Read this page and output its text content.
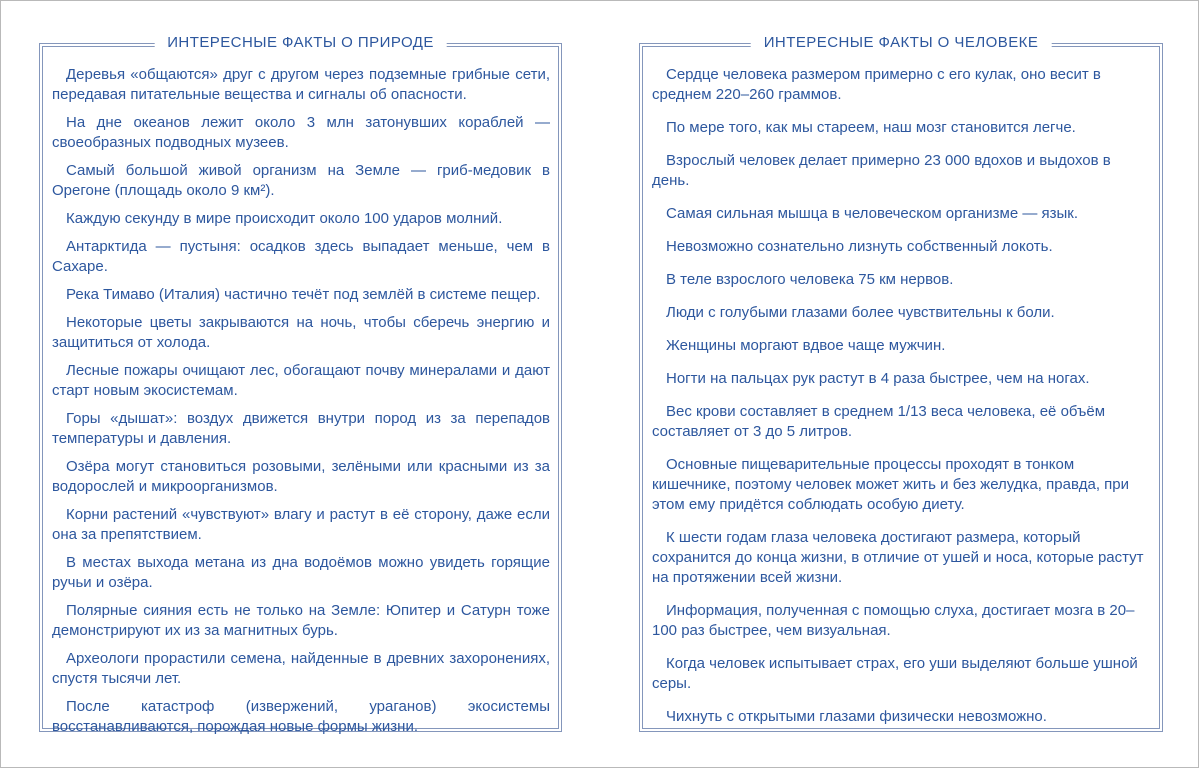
ИНТЕРЕСНЫЕ ФАКТЫ О ПРИРОДЕ

Деревья «общаются» друг с другом через подземные грибные сети, передавая питательные вещества и сигналы об опасности.

На дне океанов лежит около 3 млн затонувших кораблей — своеобразных подводных музеев.

Самый большой живой организм на Земле — гриб-медовик в Орегоне (площадь около 9 км²).

Каждую секунду в мире происходит около 100 ударов молний.

Антарктида — пустыня: осадков здесь выпадает меньше, чем в Сахаре.

Река Тимаво (Италия) частично течёт под землёй в системе пещер.

Некоторые цветы закрываются на ночь, чтобы сберечь энергию и защититься от холода.

Лесные пожары очищают лес, обогащают почву минералами и дают старт новым экосистемам.

Горы «дышат»: воздух движется внутри пород из за перепадов температуры и давления.

Озёра могут становиться розовыми, зелёными или красными из за водорослей и микроорганизмов.

Корни растений «чувствуют» влагу и растут в её сторону, даже если она за препятствием.

В местах выхода метана из дна водоёмов можно увидеть горящие ручьи и озёра.

Полярные сияния есть не только на Земле: Юпитер и Сатурн тоже демонстрируют их из за магнитных бурь.

Археологи прорастили семена, найденные в древних захоронениях, спустя тысячи лет.

После катастроф (извержений, ураганов) экосистемы восстанавливаются, порождая новые формы жизни.

ИНТЕРЕСНЫЕ ФАКТЫ О ЧЕЛОВЕКЕ

Сердце человека размером примерно с его кулак, оно весит в среднем 220–260 граммов.

По мере того, как мы стареем, наш мозг становится легче.

Взрослый человек делает примерно 23 000 вдохов и выдохов в день.

Самая сильная мышца в человеческом организме — язык.

Невозможно сознательно лизнуть собственный локоть.

В теле взрослого человека 75 км нервов.

Люди с голубыми глазами более чувствительны к боли.

Женщины моргают вдвое чаще мужчин.

Ногти на пальцах рук растут в 4 раза быстрее, чем на ногах.

Вес крови составляет в среднем 1/13 веса человека, её объём составляет от 3 до 5 литров.

Основные пищеварительные процессы проходят в тонком кишечнике, поэтому человек может жить и без желудка, правда, при этом ему придётся соблюдать особую диету.

К шести годам глаза человека достигают размера, который сохранится до конца жизни, в отличие от ушей и носа, которые растут на протяжении всей жизни.

Информация, полученная с помощью слуха, достигает мозга в 20–100 раз быстрее, чем визуальная.

Когда человек испытывает страх, его уши выделяют больше ушной серы.

Чихнуть с открытыми глазами физически невозможно.
